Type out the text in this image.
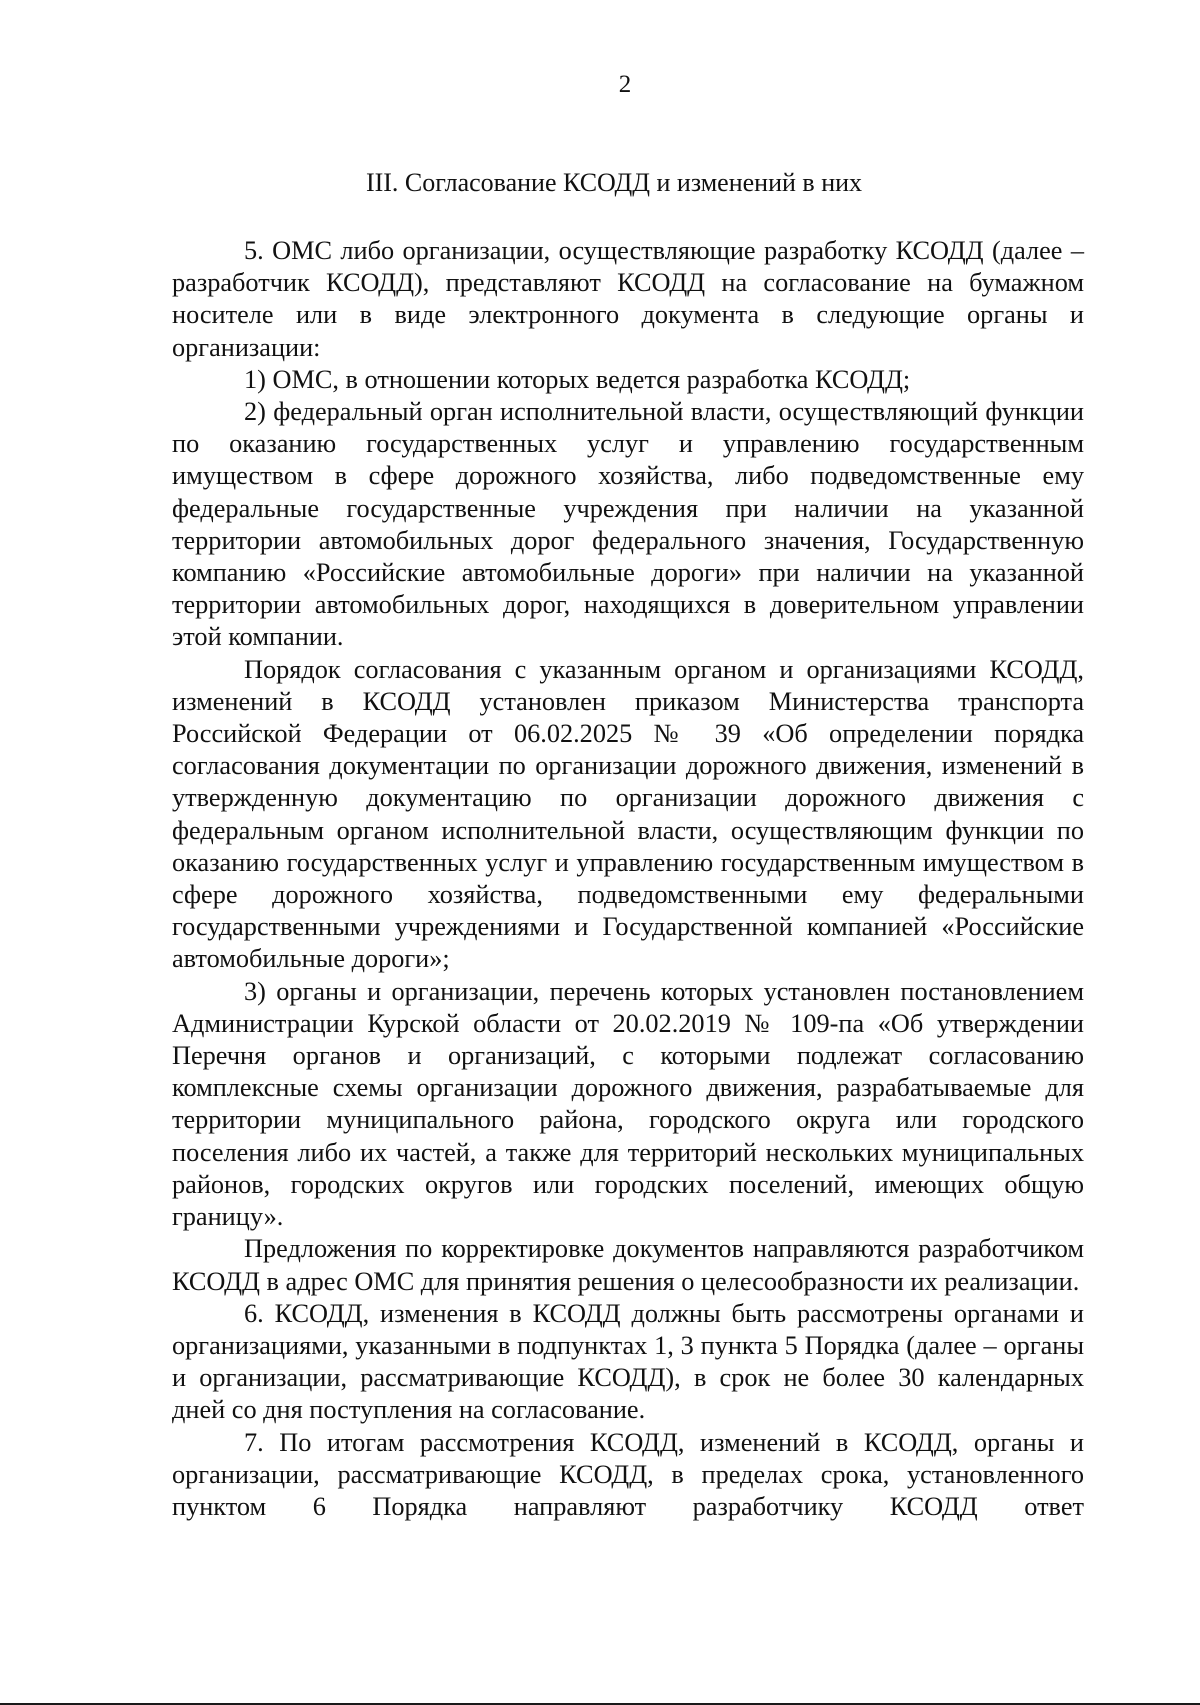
2
III. Согласование КСОДД и изменений в них

5. ОМС либо организации, осуществляющие разработку КСОДД (далее – разработчик КСОДД), представляют КСОДД на согласование на бумажном носителе или в виде электронного документа в следующие органы и организации:

1) ОМС, в отношении которых ведется разработка КСОДД;

2) федеральный орган исполнительной власти, осуществляющий функции по оказанию государственных услуг и управлению государственным имуществом в сфере дорожного хозяйства, либо подведомственные ему федеральные государственные учреждения при наличии на указанной территории автомобильных дорог федерального значения, Государственную компанию «Российские автомобильные дороги» при наличии на указанной территории автомобильных дорог, находящихся в доверительном управлении этой компании.

Порядок согласования с указанным органом и организациями КСОДД, изменений в КСОДД установлен приказом Министерства транспорта Российской Федерации от 06.02.2025 № 39 «Об определении порядка согласования документации по организации дорожного движения, изменений в утвержденную документацию по организации дорожного движения с федеральным органом исполнительной власти, осуществляющим функции по оказанию государственных услуг и управлению государственным имуществом в сфере дорожного хозяйства, подведомственными ему федеральными государственными учреждениями и Государственной компанией «Российские автомобильные дороги»;

3) органы и организации, перечень которых установлен постановлением Администрации Курской области от 20.02.2019 № 109-па «Об утверждении Перечня органов и организаций, с которыми подлежат согласованию комплексные схемы организации дорожного движения, разрабатываемые для территории муниципального района, городского округа или городского поселения либо их частей, а также для территорий нескольких муниципальных районов, городских округов или городских поселений, имеющих общую границу».

Предложения по корректировке документов направляются разработчиком КСОДД в адрес ОМС для принятия решения о целесообразности их реализации.

6. КСОДД, изменения в КСОДД должны быть рассмотрены органами и организациями, указанными в подпунктах 1, 3 пункта 5 Порядка (далее – органы и организации, рассматривающие КСОДД), в срок не более 30 календарных дней со дня поступления на согласование.

7. По итогам рассмотрения КСОДД, изменений в КСОДД, органы и организации, рассматривающие КСОДД, в пределах срока, установленного пунктом 6 Порядка направляют разработчику КСОДД ответ
